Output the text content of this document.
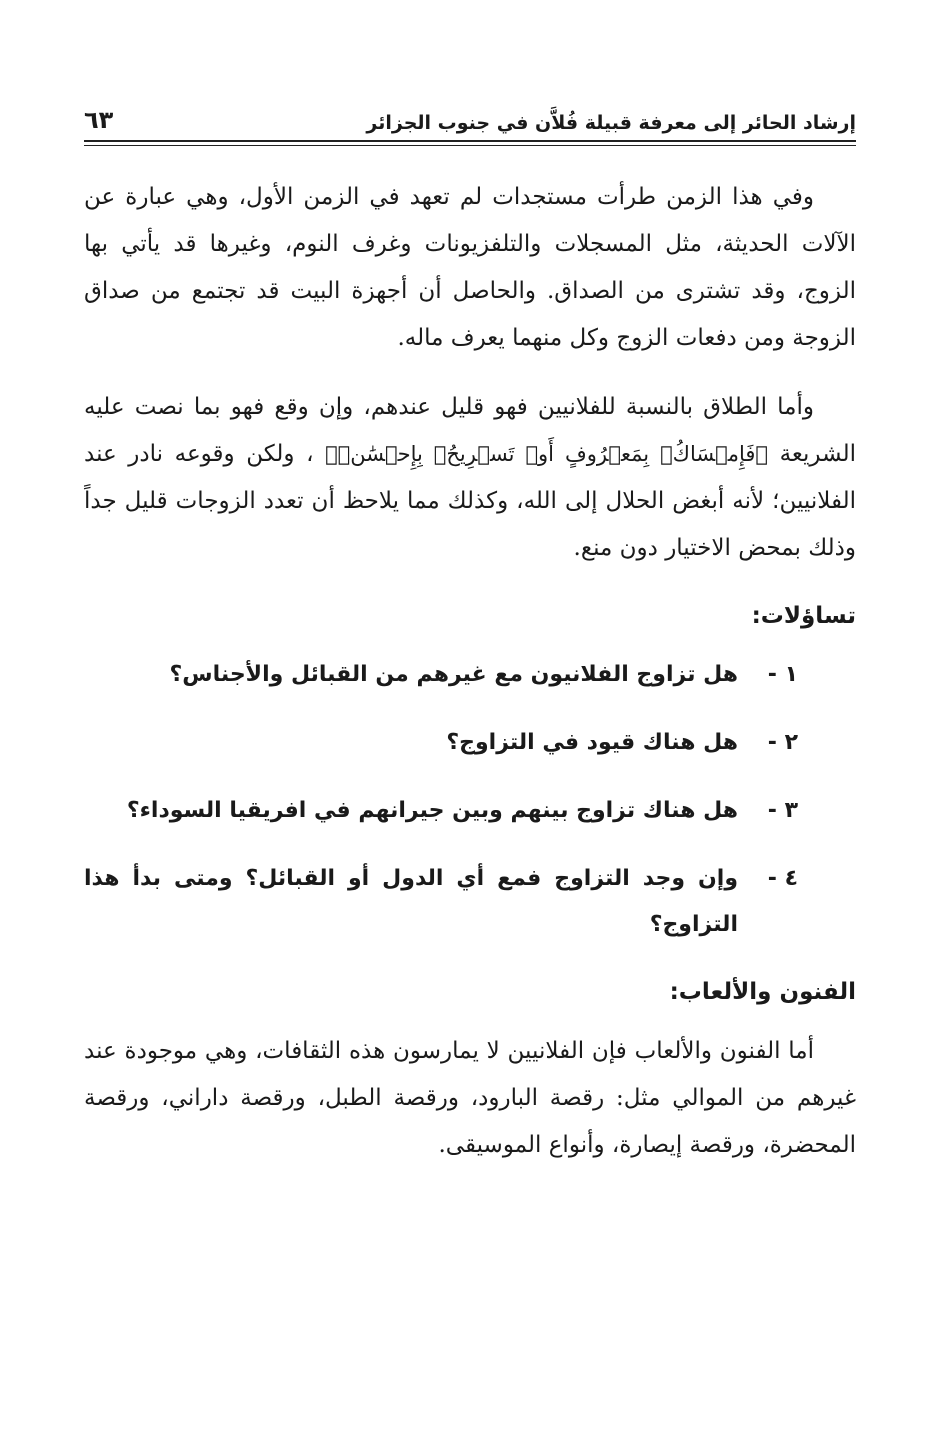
إرشاد الحائر إلى معرفة قبيلة فُلاَّن في جنوب الجزائر
٦٣

وفي هذا الزمن طرأت مستجدات لم تعهد في الزمن الأول، وهي عبارة عن الآلات الحديثة، مثل المسجلات والتلفزيونات وغرف النوم، وغيرها قد يأتي بها الزوج، وقد تشترى من الصداق. والحاصل أن أجهزة البيت قد تجتمع من صداق الزوجة ومن دفعات الزوج وكل منهما يعرف ماله.

وأما الطلاق بالنسبة للفلانيين فهو قليل عندهم، وإن وقع فهو بما نصت عليه الشريعة ﴿فَإِمۡسَاكُۢ بِمَعۡرُوفٍ أَوۡ تَسۡرِيحُۢ بِإِحۡسَٰنٖ﴾ ، ولكن وقوعه نادر عند الفلانيين؛ لأنه أبغض الحلال إلى الله، وكذلك مما يلاحظ أن تعدد الزوجات قليل جداً وذلك بمحض الاختيار دون منع.

تساؤلات:
١ -
هل تزاوج الفلانيون مع غيرهم من القبائل والأجناس؟
٢ -
هل هناك قيود في التزاوج؟
٣ -
هل هناك تزاوج بينهم وبين جيرانهم في افريقيا السوداء؟
٤ -
وإن وجد التزاوج فمع أي الدول أو القبائل؟ ومتى بدأ هذا التزاوج؟
الفنون والألعاب:

أما الفنون والألعاب فإن الفلانيين لا يمارسون هذه الثقافات، وهي موجودة عند غيرهم من الموالي مثل: رقصة البارود، ورقصة الطبل، ورقصة داراني، ورقصة المحضرة، ورقصة إيصارة، وأنواع الموسيقى.
